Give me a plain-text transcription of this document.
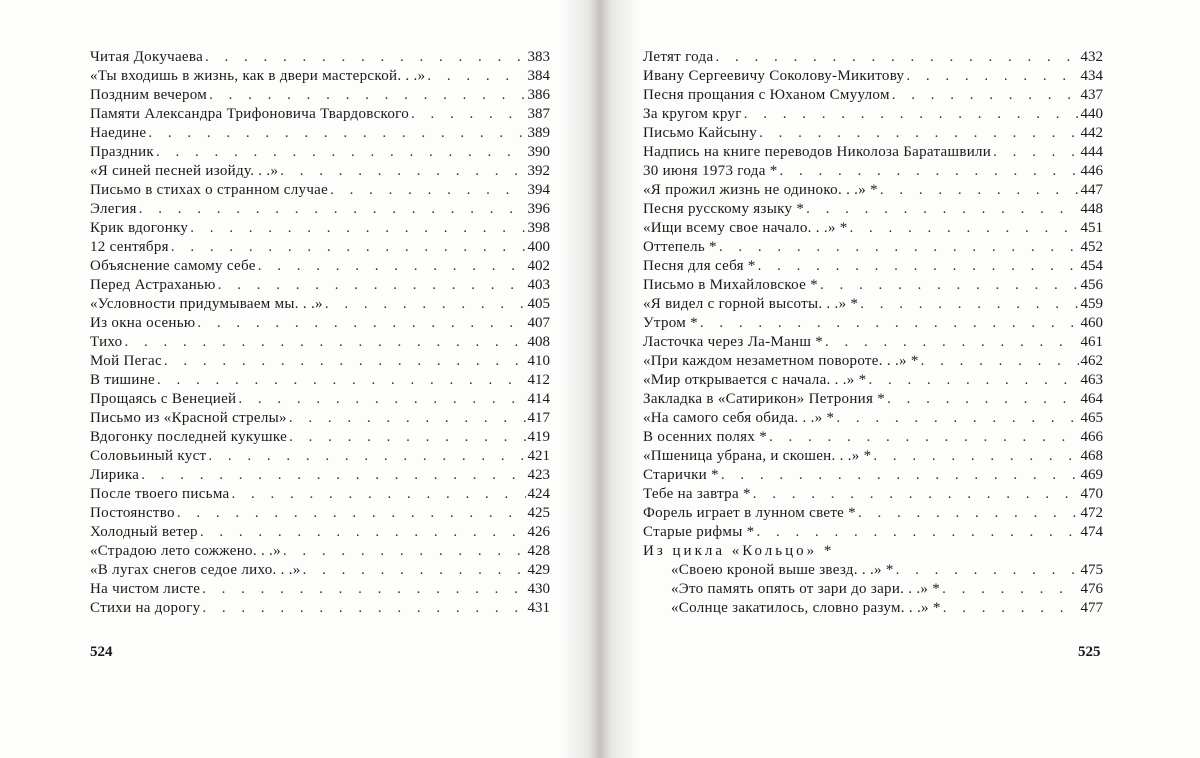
Читая Докучаева . . .	383
«Ты входишь в жизнь, как в двери мастерской. . .» . . .	384
Поздним вечером . . .	386
Памяти Александра Трифоновича Твардовского . . .	387
Наедине . . .	389
Праздник . . .	390
«Я синей песней изойду. . .» . . .	392
Письмо в стихах о странном случае . . .	394
Элегия . . .	396
Крик вдогонку . . .	398
12 сентября . . .	400
Объяснение самому себе . . .	402
Перед Астраханью . . .	403
«Условности придумываем мы. . .» . . .	405
Из окна осенью . . .	407
Тихо . . .	408
Мой Пегас . . .	410
В тишине . . .	412
Прощаясь с Венецией . . .	414
Письмо из «Красной стрелы» . . .	417
Вдогонку последней кукушке . . .	419
Соловьиный куст . . .	421
Лирика . . .	423
После твоего письма . . .	424
Постоянство . . .	425
Холодный ветер . . .	426
«Страдою лето сожжено. . .» . . .	428
«В лугах снегов седое лихо. . .» . . .	429
На чистом листе . . .	430
Стихи на дорогу . . .	431
524
Летят года . . .	432
Ивану Сергеевичу Соколову-Микитову . . .	434
Песня прощания с Юханом Смуулом . . .	437
За кругом круг . . .	440
Письмо Кайсыну . . .	442
Надпись на книге переводов Николоза Бараташвили . . .	444
30 июня 1973 года * . . .	446
«Я прожил жизнь не одиноко. . .» * . . .	447
Песня русскому языку * . . .	448
«Ищи всему свое начало. . .» * . . .	451
Оттепель * . . .	452
Песня для себя * . . .	454
Письмо в Михайловское * . . .	456
«Я видел с горной высоты. . .» * . . .	459
Утром * . . .	460
Ласточка через Ла-Манш * . . .	461
«При каждом незаметном повороте. . .» * . . .	462
«Мир открывается с начала. . .» * . . .	463
Закладка в «Сатирикон» Петрония * . . .	464
«На самого себя обида. . .» * . . .	465
В осенних полях * . . .	466
«Пшеница убрана, и скошен. . .» * . . .	468
Старички * . . .	469
Тебе на завтра * . . .	470
Форель играет в лунном свете * . . .	472
Старые рифмы * . . .	474
Из цикла «Кольцо» *
«Своею кроной выше звезд. . .» * . . .	475
«Это память опять от зари до зари. . .» * . . .	476
«Солнце закатилось, словно разум. . .» * . . .	477
525
